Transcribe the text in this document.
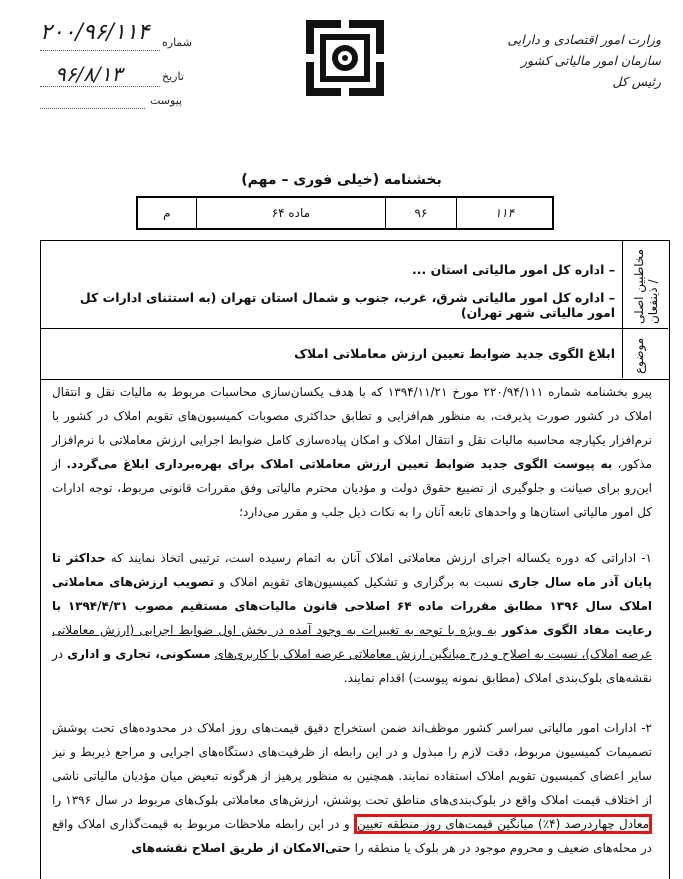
۲۰۰/۹۶/۱۱۴ شماره
۹۶/۸/۱۳	تاریخ
پیوست
وزارت امور اقتصادی و دارایی
سازمان امور مالیاتی کشور
رئیس کل
بخشنامه (خیلی فوری – مهم)
۱۱۴
۹۶
ماده ۶۴
م
مخاطبین اصلی / ذینفعان
موضوع
– اداره کل امور مالیاتی استان ...
– اداره کل امور مالیاتی شرق، غرب، جنوب و شمال استان تهران (به استثنای ادارات کل امور مالیاتی شهر تهران)
ابلاغ الگوی جدید ضوابط تعیین ارزش معاملاتی املاک
پیرو بخشنامه شماره ۲۲۰/۹۴/۱۱۱ مورخ ۱۳۹۴/۱۱/۲۱ که با هدف یکسان‌سازی محاسبات مربوط به مالیات نقل و انتقال املاک در کشور صورت پذیرفت، به منظور هم‌افزایی و تطابق حداکثری مصوبات کمیسیون‌های تقویم املاک در کشور با نرم‌افزار یکپارچه محاسبه مالیات نقل و انتقال املاک و امکان پیاده‌سازی کامل ضوابط اجرایی ارزش معاملاتی با نرم‌افزار مذکور، به پیوست الگوی جدید ضوابط تعیین ارزش معاملاتی املاک برای بهره‌برداری ابلاغ می‌گردد. از این‌رو برای صیانت و جلوگیری از تضییع حقوق دولت و مؤدیان محترم مالیاتی وفق مقررات قانونی مربوط، توجه ادارات کل امور مالیاتی استان‌ها و واحدهای تابعه آنان را به نکات ذیل جلب و مقرر می‌دارد؛
۱- اداراتی که دوره یکساله اجرای ارزش معاملاتی املاک آنان به اتمام رسیده است، ترتیبی اتخاذ نمایند که حداکثر تا پایان آذر ماه سال جاری نسبت به برگزاری و تشکیل کمیسیون‌های تقویم املاک و تصویب ارزش‌های معاملاتی املاک سال ۱۳۹۶ مطابق مقررات ماده ۶۴ اصلاحی قانون مالیات‌های مستقیم مصوب ۱۳۹۴/۴/۳۱ با رعایت مفاد الگوی مذکور به ویژه با توجه به تغییرات به وجود آمده در بخش اول ضوابط اجرایی (ارزش معاملاتی عرصه املاک)، نسبت به اصلاح و درج میانگین ارزش معاملاتی عرصه املاک با کاربری‌های مسکونی، تجاری و اداری در نقشه‌های بلوک‌بندی املاک (مطابق نمونه پیوست) اقدام نمایند.
۲- ادارات امور مالیاتی سراسر کشور موظف‌اند ضمن استخراج دقیق قیمت‌های روز املاک در محدوده‌های تحت پوشش تصمیمات کمیسیون مربوط، دقت لازم را مبذول و در این رابطه از ظرفیت‌های دستگاه‌های اجرایی و مراجع ذیربط و نیز سایر اعضای کمیسیون تقویم املاک استفاده نمایند. همچنین به منظور پرهیز از هرگونه تبعیض میان مؤدیان مالیاتی ناشی از اختلاف قیمت املاک واقع در بلوک‌بندی‌های مناطق تحت پوشش، ارزش‌های معاملاتی بلوک‌های مربوط در سال ۱۳۹۶ را معادل چهاردرصد (۴٪) میانگین قیمت‌های روز منطقه تعیین و در این رابطه ملاحظات مربوط به قیمت‌گذاری املاک واقع در محله‌های ضعیف و محروم موجود در هر بلوک یا منطقه را حتی‌الامکان از طریق اصلاح نقشه‌های
